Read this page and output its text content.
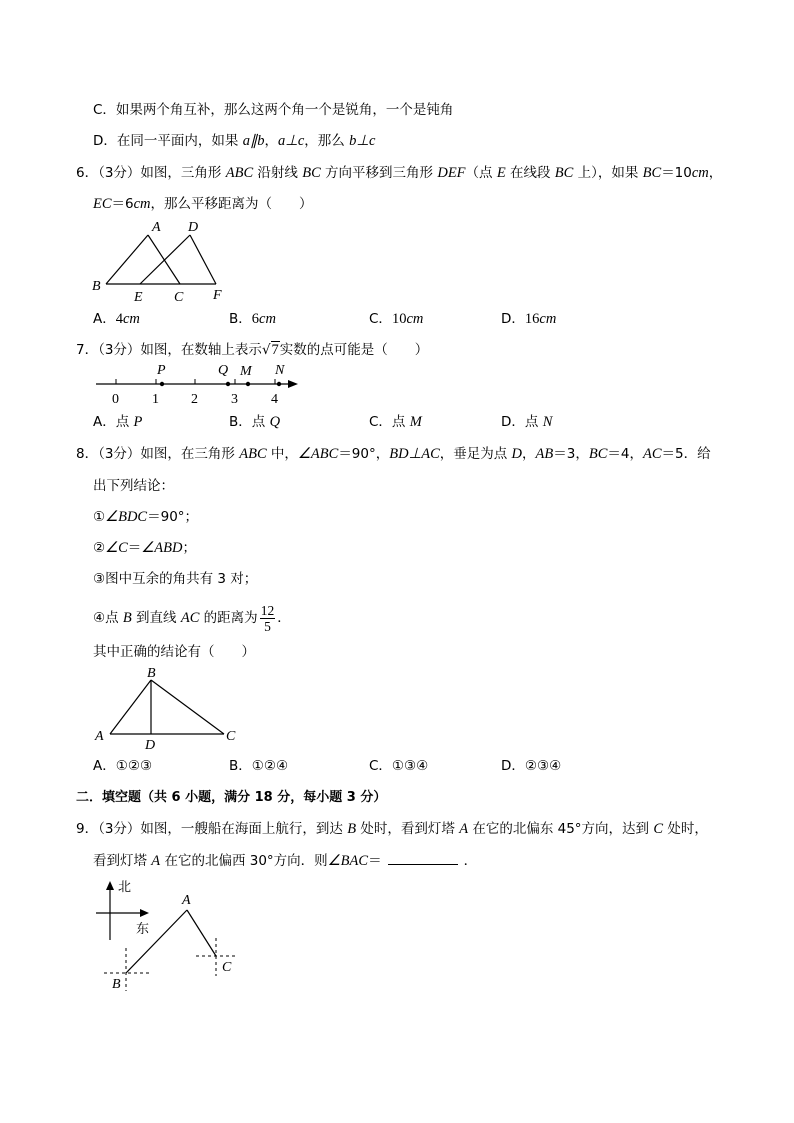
C．如果两个角互补，那么这两个角一个是锐角，一个是钝角
D．在同一平面内，如果 a∥b，a⊥c，那么 b⊥c
6．（3分）如图，三角形 ABC 沿射线 BC 方向平移到三角形 DEF（点 E 在线段 BC 上），如果 BC＝10cm，
EC＝6cm，那么平移距离为（　　）
A D
B
E C F
A．4cm	B．6cm	C．10cm	D．16cm
7．（3分）如图，在数轴上表示√7实数的点可能是（　　）
0 1 2 3 4
P	Q M N
A．点 P	B．点 Q	C．点 M	D．点 N
8．（3分）如图，在三角形 ABC 中，∠ABC＝90°，BD⊥AC，垂足为点 D，AB＝3，BC＝4，AC＝5．给
出下列结论：
①∠BDC＝90°；
②∠C＝∠ABD；
③图中互余的角共有 3 对；
④点 B 到直线 AC 的距离为 $\frac{12}{5}$ ．
其中正确的结论有（　　）
B
A	C
D
A．①②③	B．①②④	C．①③④	D．②③④
二．填空题（共 6 小题，满分 18 分，每小题 3 分）
9．（3分）如图，一艘船在海面上航行，到达 B 处时，看到灯塔 A 在它的北偏东 45°方向，达到 C 处时，
看到灯塔 A 在它的北偏西 30°方向．则∠BAC＝	．
北
东
A
B
C
